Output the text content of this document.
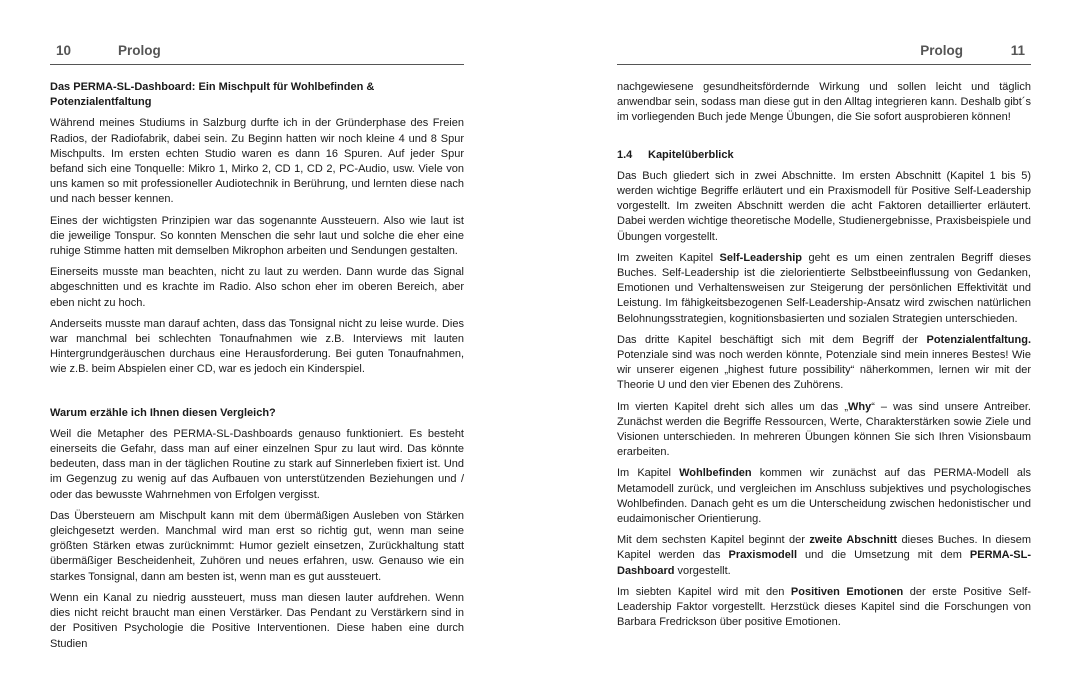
10	Prolog
Das PERMA-SL-Dashboard: Ein Mischpult für Wohlbefinden & Potenzialentfaltung

Während meines Studiums in Salzburg durfte ich in der Gründerphase des Freien Radios, der Radiofabrik, dabei sein. Zu Beginn hatten wir noch kleine 4 und 8 Spur Mischpults. Im ersten echten Studio waren es dann 16 Spuren. Auf jeder Spur befand sich eine Tonquelle: Mikro 1, Mirko 2, CD 1, CD 2, PC-Audio, usw. Viele von uns kamen so mit professioneller Audiotechnik in Berührung, und lernten diese nach und nach besser kennen.

Eines der wichtigsten Prinzipien war das sogenannte Aussteuern. Also wie laut ist die jeweilige Tonspur. So konnten Menschen die sehr laut und solche die eher eine ruhige Stimme hatten mit demselben Mikrophon arbeiten und Sendungen gestalten.

Einerseits musste man beachten, nicht zu laut zu werden. Dann wurde das Signal abgeschnitten und es krachte im Radio. Also schon eher im oberen Bereich, aber eben nicht zu hoch.

Anderseits musste man darauf achten, dass das Tonsignal nicht zu leise wurde. Dies war manchmal bei schlechten Tonaufnahmen wie z.B. Interviews mit lauten Hintergrundgeräuschen durchaus eine Herausforderung. Bei guten Tonaufnahmen, wie z.B. beim Abspielen einer CD, war es jedoch ein Kinderspiel.

Warum erzähle ich Ihnen diesen Vergleich?

Weil die Metapher des PERMA-SL-Dashboards genauso funktioniert. Es besteht einerseits die Gefahr, dass man auf einer einzelnen Spur zu laut wird. Das könnte bedeuten, dass man in der täglichen Routine zu stark auf Sinnerleben fixiert ist. Und im Gegenzug zu wenig auf das Aufbauen von unterstützenden Beziehungen und / oder das bewusste Wahrnehmen von Erfolgen vergisst.

Das Übersteuern am Mischpult kann mit dem übermäßigen Ausleben von Stärken gleichgesetzt werden. Manchmal wird man erst so richtig gut, wenn man seine größten Stärken etwas zurücknimmt: Humor gezielt einsetzen, Zurückhaltung statt übermäßiger Bescheidenheit, Zuhören und neues erfahren, usw. Genauso wie ein starkes Tonsignal, dann am besten ist, wenn man es gut aussteuert.

Wenn ein Kanal zu niedrig aussteuert, muss man diesen lauter aufdrehen. Wenn dies nicht reicht braucht man einen Verstärker. Das Pendant zu Verstärkern sind in der Positiven Psychologie die Positive Interventionen. Diese haben eine durch Studien

Prolog	11

nachgewiesene gesundheitsfördernde Wirkung und sollen leicht und täglich anwendbar sein, sodass man diese gut in den Alltag integrieren kann. Deshalb gibt´s im vorliegenden Buch jede Menge Übungen, die Sie sofort ausprobieren können!

1.4 Kapitelüberblick

Das Buch gliedert sich in zwei Abschnitte. Im ersten Abschnitt (Kapitel 1 bis 5) werden wichtige Begriffe erläutert und ein Praxismodell für Positive Self-Leadership vorgestellt. Im zweiten Abschnitt werden die acht Faktoren detaillierter erläutert. Dabei werden wichtige theoretische Modelle, Studienergebnisse, Praxisbeispiele und Übungen vorgestellt.

Im zweiten Kapitel Self-Leadership geht es um einen zentralen Begriff dieses Buches. Self-Leadership ist die zielorientierte Selbstbeeinflussung von Gedanken, Emotionen und Verhaltensweisen zur Steigerung der persönlichen Effektivität und Leistung. Im fähigkeitsbezogenen Self-Leadership-Ansatz wird zwischen natürlichen Belohnungsstrategien, kognitionsbasierten und sozialen Strategien unterschieden.

Das dritte Kapitel beschäftigt sich mit dem Begriff der Potenzialentfaltung. Potenziale sind was noch werden könnte, Potenziale sind mein inneres Bestes! Wie wir unserer eigenen „highest future possibility“ näherkommen, lernen wir mit der Theorie U und den vier Ebenen des Zuhörens.

Im vierten Kapitel dreht sich alles um das „Why“ – was sind unsere Antreiber. Zunächst werden die Begriffe Ressourcen, Werte, Charakterstärken sowie Ziele und Visionen unterschieden. In mehreren Übungen können Sie sich Ihren Visionsbaum erarbeiten.

Im Kapitel Wohlbefinden kommen wir zunächst auf das PERMA-Modell als Metamodell zurück, und vergleichen im Anschluss subjektives und psychologisches Wohlbefinden. Danach geht es um die Unterscheidung zwischen hedonistischer und eudaimonischer Orientierung.

Mit dem sechsten Kapitel beginnt der zweite Abschnitt dieses Buches. In diesem Kapitel werden das Praxismodell und die Umsetzung mit dem PERMA-SL-Dashboard vorgestellt.

Im siebten Kapitel wird mit den Positiven Emotionen der erste Positive Self-Leadership Faktor vorgestellt. Herzstück dieses Kapitel sind die Forschungen von Barbara Fredrickson über positive Emotionen.
